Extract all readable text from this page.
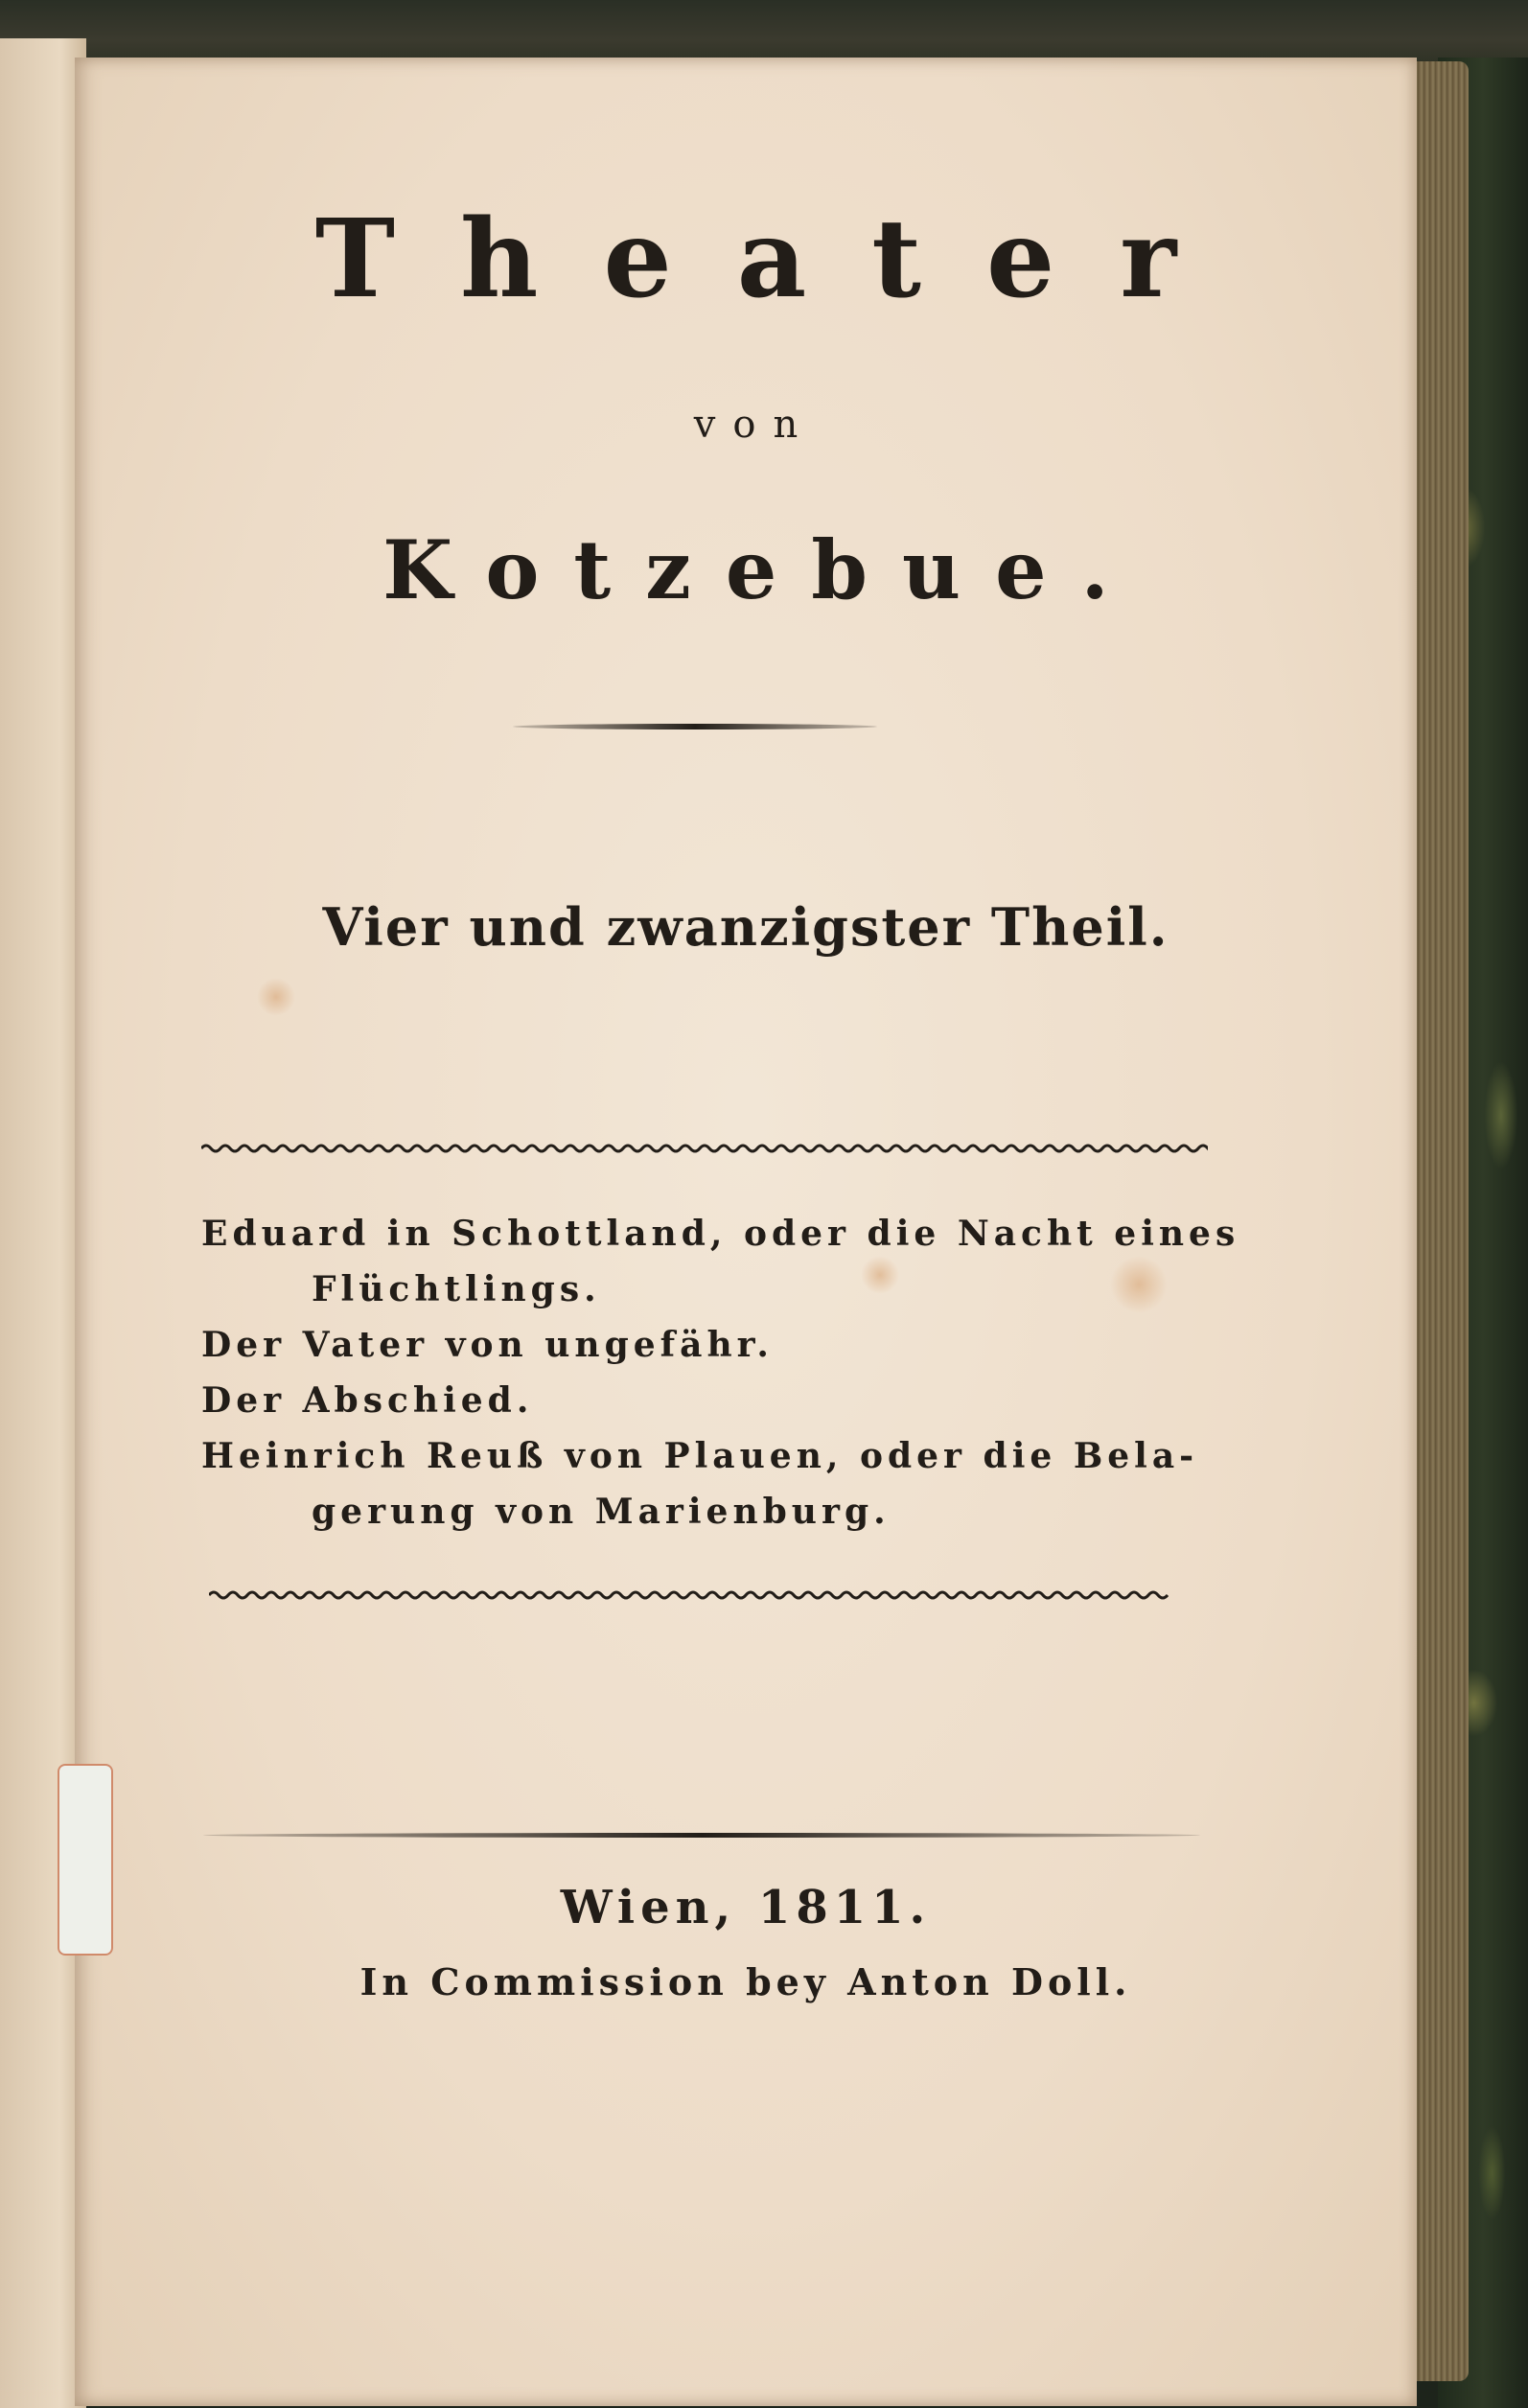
Theater
von
Kotzebue.
Vier und zwanzigster Theil.
Eduard in Schottland, oder die Nacht eines
Flüchtlings.
Der Vater von ungefähr.
Der Abschied.
Heinrich Reuß von Plauen, oder die Bela-
gerung von Marienburg.
Wien, 1811.
In Commission bey Anton Doll.
